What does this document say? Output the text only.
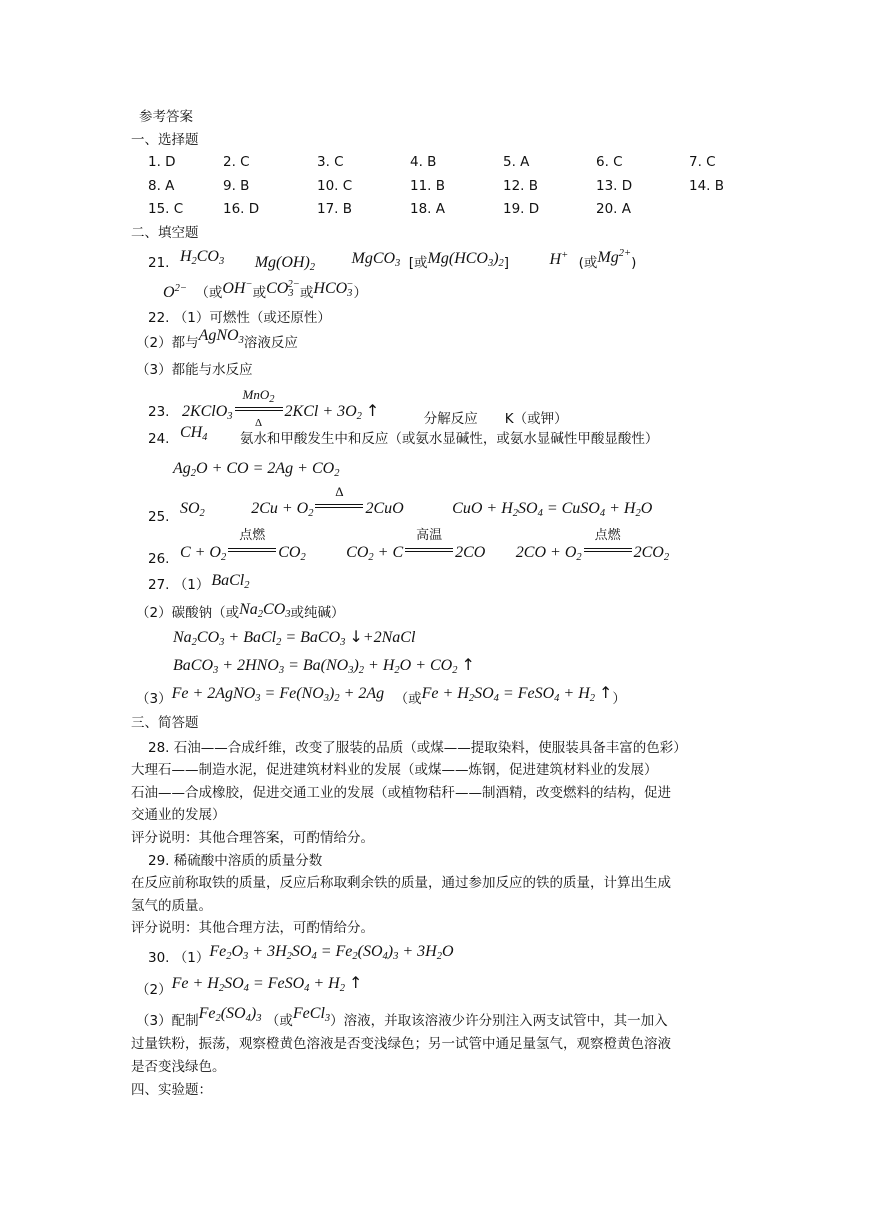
参考答案
一、选择题
1. D	2. C	3. C	4. B	5. A	6. C	7. C
8. A	9. B	10. C	11. B	12. B	13. D	14. B
15. C	16. D	17. B	18. A	19. D	20. A
二、填空题
21. $H_2CO_3$ $Mg(OH)_2$ MgCO$_3$ [或$Mg(HCO_3)_2$]	H+ (或$Mg^{2+}$)
$O^{2-}$ （或OH−或$CO_3^{2-}$或$HCO_3^-$）
22. （1）可燃性（或还原性）
（2）都与AgNO$_3$溶液反应
（3）都能与水反应
23. 2KClO$_3$
MnO$_2$
Δ
$2KCl + 3O_2$ ↑	分解反应　　K（或钾）
24. $CH_4$ 氨水和甲酸发生中和反应（或氨水显碱性，或氨水显碱性甲酸显酸性）
$Ag_2O$ + CO = $2Ag + CO_2$
25. $SO_2$	$2Cu + O_2$
Δ
2CuO	CuO + $H_2SO_4$ = CuSO$_4$ + $H_2O$
26. $C + O_2$
点燃
$CO_2$	$CO_2 + C$
高温
2CO $2CO + O_2$
点燃
$2CO_2$
27. （1） BaCl$_2$
（2）碳酸钠（或$Na_2CO_3$或纯碱）
$Na_2CO_3$ + BaCl$_2$ = BaCO$_3$ ↓+2NaCl
BaCO$_3$ + $2HNO_3 = Ba(NO_3)_2 + H_2O + CO_2$ ↑
（3）Fe + 2AgNO$_3$ = $Fe(NO_3)_2 + 2Ag$ （或$Fe + H_2SO_4$ = FeSO$_4$ + $H_2$ ↑）
三、简答题
28. 石油——合成纤维，改变了服装的品质（或煤——提取染料，使服装具备丰富的色彩）
大理石——制造水泥，促进建筑材料业的发展（或煤——炼钢，促进建筑材料业的发展）
石油——合成橡胶，促进交通工业的发展（或植物秸秆——制酒精，改变燃料的结构，促进
交通业的发展）
评分说明：其他合理答案，可酌情给分。
29. 稀硫酸中溶质的质量分数
在反应前称取铁的质量，反应后称取剩余铁的质量，通过参加反应的铁的质量，计算出生成
氢气的质量。
评分说明：其他合理方法，可酌情给分。
30. $(1)Fe_2O_3 + 3H_2SO_4 = Fe_2(SO_4)_3 + 3H_2O$
$(2)Fe + H_2SO_4$ = FeSO$_4$ + $H_2$ ↑
（3）配制$Fe_2(SO_4)_3$ （或FeCl$_3$）溶液，并取该溶液少许分别注入两支试管中，其一加入
过量铁粉，振荡，观察橙黄色溶液是否变浅绿色；另一试管中通足量氢气，观察橙黄色溶液
是否变浅绿色。
四、实验题：
